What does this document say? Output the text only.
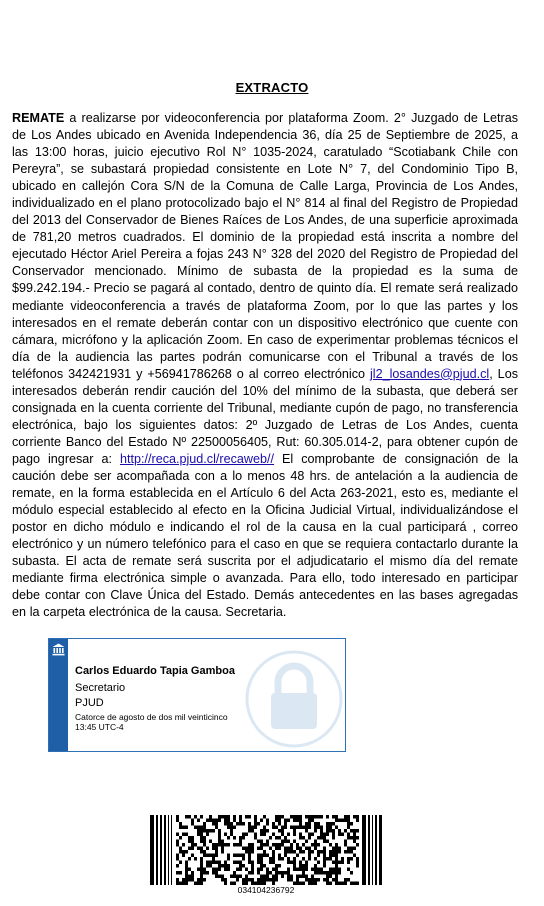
EXTRACTO
REMATE a realizarse por videoconferencia por plataforma Zoom. 2° Juzgado de Letras de Los Andes ubicado en Avenida Independencia 36, día 25 de Septiembre de 2025, a las 13:00 horas, juicio ejecutivo Rol N° 1035-2024, caratulado “Scotiabank Chile con Pereyra”, se subastará propiedad consistente en Lote N° 7, del Condominio Tipo B, ubicado en callejón Cora S/N de la Comuna de Calle Larga, Provincia de Los Andes, individualizado en el plano protocolizado bajo el N° 814 al final del Registro de Propiedad del 2013 del Conservador de Bienes Raíces de Los Andes, de una superficie aproximada de 781,20 metros cuadrados. El dominio de la propiedad está inscrita a nombre del ejecutado Héctor Ariel Pereira a fojas 243 N° 328 del 2020 del Registro de Propiedad del Conservador mencionado. Mínimo de subasta de la propiedad es la suma de $99.242.194.- Precio se pagará al contado, dentro de quinto día. El remate será realizado mediante videoconferencia a través de plataforma Zoom, por lo que las partes y los interesados en el remate deberán contar con un dispositivo electrónico que cuente con cámara, micrófono y la aplicación Zoom. En caso de experimentar problemas técnicos el día de la audiencia las partes podrán comunicarse con el Tribunal a través de los teléfonos 342421931 y +56941786268 o al correo electrónico jl2_losandes@pjud.cl, Los interesados deberán rendir caución del 10% del mínimo de la subasta, que deberá ser consignada en la cuenta corriente del Tribunal, mediante cupón de pago, no transferencia electrónica, bajo los siguientes datos: 2º Juzgado de Letras de Los Andes, cuenta corriente Banco del Estado Nº 22500056405, Rut: 60.305.014-2, para obtener cupón de pago ingresar a: http://reca.pjud.cl/recaweb// El comprobante de consignación de la caución debe ser acompañada con a lo menos 48 hrs. de antelación a la audiencia de remate, en la forma establecida en el Artículo 6 del Acta 263-2021, esto es, mediante el módulo especial establecido al efecto en la Oficina Judicial Virtual, individualizándose el postor en dicho módulo e indicando el rol de la causa en la cual participará , correo electrónico y un número telefónico para el caso en que se requiera contactarlo durante la subasta. El acta de remate será suscrita por el adjudicatario el mismo día del remate mediante firma electrónica simple o avanzada. Para ello, todo interesado en participar debe contar con Clave Única del Estado. Demás antecedentes en las bases agregadas en la carpeta electrónica de la causa. Secretaria.
Carlos Eduardo Tapia Gamboa
Secretario
PJUD
Catorce de agosto de dos mil veinticinco
13:45 UTC-4
034104236792
